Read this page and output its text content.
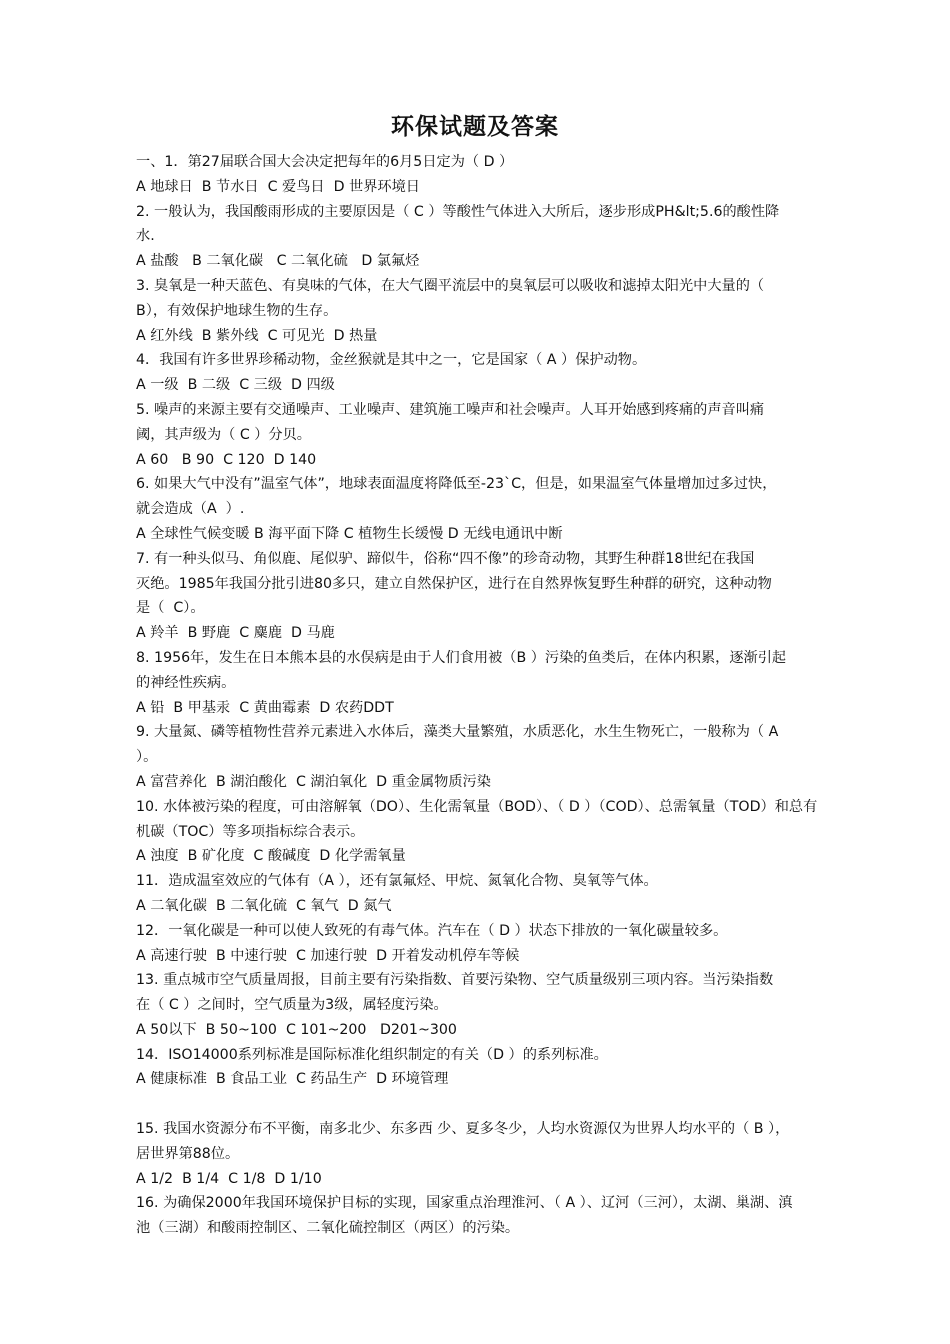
环保试题及答案
一、1．第27届联合国大会决定把每年的6月5日定为（ D ）
A 地球日  B 节水日  C 爱鸟日  D 世界环境日
2. 一般认为，我国酸雨形成的主要原因是（ C ）等酸性气体进入大所后，逐步形成PH&lt;5.6的酸性降
水.
A 盐酸   B 二氧化碳   C 二氧化硫   D 氯氟烃
3. 臭氧是一种天蓝色、有臭味的气体，在大气圈平流层中的臭氧层可以吸收和滤掉太阳光中大量的（
B），有效保护地球生物的生存。
A 红外线  B 紫外线  C 可见光  D 热量
4．我国有许多世界珍稀动物，金丝猴就是其中之一，它是国家（ A ）保护动物。
A 一级  B 二级  C 三级  D 四级
5. 噪声的来源主要有交通噪声、工业噪声、建筑施工噪声和社会噪声。人耳开始感到疼痛的声音叫痛
阈，其声级为（ C ）分贝。
A 60   B 90  C 120  D 140
6. 如果大气中没有”温室气体”，地球表面温度将降低至-23`C，但是，如果温室气体量增加过多过快，
就会造成（A  ）.
A 全球性气候变暖 B 海平面下降 C 植物生长缓慢 D 无线电通讯中断
7. 有一种头似马、角似鹿、尾似驴、蹄似牛，俗称“四不像”的珍奇动物，其野生种群18世纪在我国
灭绝。1985年我国分批引进80多只，建立自然保护区，进行在自然界恢复野生种群的研究，这种动物
是（  C）。
A 羚羊  B 野鹿  C 麋鹿  D 马鹿
8. 1956年，发生在日本熊本县的水俣病是由于人们食用被（B ）污染的鱼类后，在体内积累，逐渐引起
的神经性疾病。
A 铅  B 甲基汞  C 黄曲霉素  D 农药DDT
9. 大量氮、磷等植物性营养元素进入水体后，藻类大量繁殖，水质恶化，水生生物死亡，一般称为（ A
）。
A 富营养化  B 湖泊酸化  C 湖泊氧化  D 重金属物质污染
10. 水体被污染的程度，可由溶解氧（DO）、生化需氧量（BOD）、（ D ）（COD）、总需氧量（TOD）和总有
机碳（TOC）等多项指标综合表示。
A 浊度  B 矿化度  C 酸碱度  D 化学需氧量
11．造成温室效应的气体有（A ），还有氯氟烃、甲烷、氮氧化合物、臭氧等气体。
A 二氧化碳  B 二氧化硫  C 氧气  D 氮气
12．一氧化碳是一种可以使人致死的有毒气体。汽车在（ D ）状态下排放的一氧化碳量较多。
A 高速行驶  B 中速行驶  C 加速行驶  D 开着发动机停车等候
13. 重点城市空气质量周报，目前主要有污染指数、首要污染物、空气质量级别三项内容。当污染指数
在（ C ）之间时，空气质量为3级，属轻度污染。
A 50以下  B 50~100  C 101~200   D201~300
14．ISO14000系列标准是国际标准化组织制定的有关（D ）的系列标准。
A 健康标准  B 食品工业  C 药品生产  D 环境管理
15. 我国水资源分布不平衡，南多北少、东多西 少、夏多冬少，人均水资源仅为世界人均水平的（ B ），
居世界第88位。
A 1/2  B 1/4  C 1/8  D 1/10
16. 为确保2000年我国环境保护目标的实现，国家重点治理淮河、（ A ）、辽河（三河），太湖、巢湖、滇
池（三湖）和酸雨控制区、二氧化硫控制区（两区）的污染。
